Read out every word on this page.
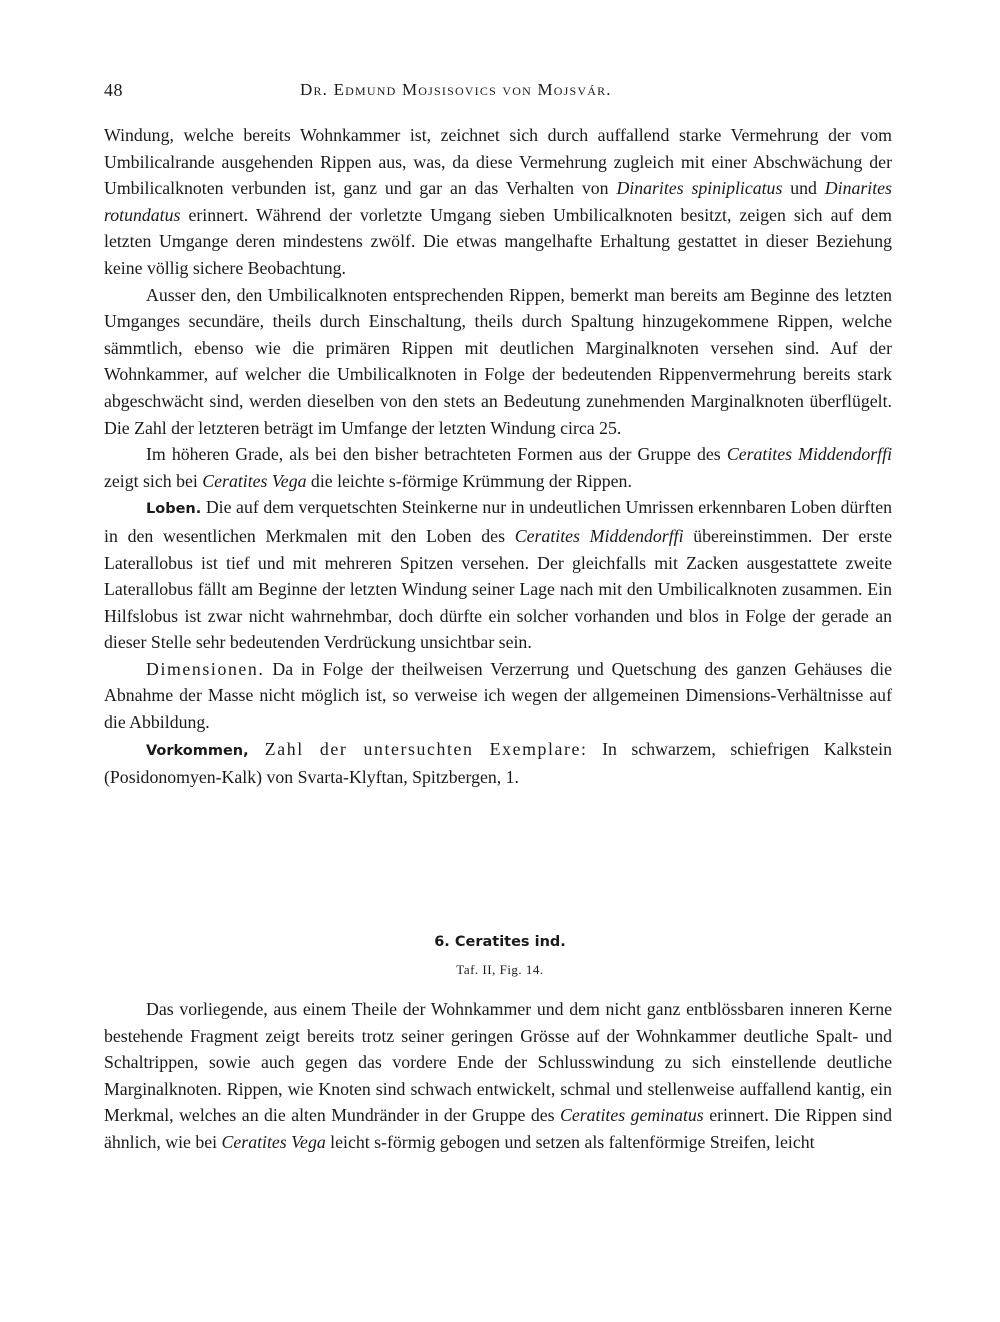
48	Dr. Edmund Mojsisovics von Mojsvár.

Windung, welche bereits Wohnkammer ist, zeichnet sich durch auffallend starke Vermehrung der vom Umbilicalrande ausgehenden Rippen aus, was, da diese Vermehrung zugleich mit einer Abschwächung der Umbilicalknoten verbunden ist, ganz und gar an das Verhalten von Dinarites spiniplicatus und Dinarites rotundatus erinnert. Während der vorletzte Umgang sieben Umbilicalknoten besitzt, zeigen sich auf dem letzten Umgange deren mindestens zwölf. Die etwas mangelhafte Erhaltung gestattet in dieser Beziehung keine völlig sichere Beobachtung.

Ausser den, den Umbilicalknoten entsprechenden Rippen, bemerkt man bereits am Beginne des letzten Umganges secundäre, theils durch Einschaltung, theils durch Spaltung hinzugekommene Rippen, welche sämmtlich, ebenso wie die primären Rippen mit deutlichen Marginalknoten versehen sind. Auf der Wohnkammer, auf welcher die Umbilicalknoten in Folge der bedeutenden Rippenvermehrung bereits stark abgeschwächt sind, werden dieselben von den stets an Bedeutung zunehmenden Marginalknoten überflügelt. Die Zahl der letzteren beträgt im Umfange der letzten Windung circa 25.

Im höheren Grade, als bei den bisher betrachteten Formen aus der Gruppe des Ceratites Middendorffi zeigt sich bei Ceratites Vega die leichte s-förmige Krümmung der Rippen.

Loben. Die auf dem verquetschten Steinkerne nur in undeutlichen Umrissen erkennbaren Loben dürften in den wesentlichen Merkmalen mit den Loben des Ceratites Middendorffi übereinstimmen. Der erste Laterallobus ist tief und mit mehreren Spitzen versehen. Der gleichfalls mit Zacken ausgestattete zweite Laterallobus fällt am Beginne der letzten Windung seiner Lage nach mit den Umbilicalknoten zusammen. Ein Hilfslobus ist zwar nicht wahrnehmbar, doch dürfte ein solcher vorhanden und blos in Folge der gerade an dieser Stelle sehr bedeutenden Verdrückung unsichtbar sein.

Dimensionen. Da in Folge der theilweisen Verzerrung und Quetschung des ganzen Gehäuses die Abnahme der Masse nicht möglich ist, so verweise ich wegen der allgemeinen Dimensions-Verhältnisse auf die Abbildung.

Vorkommen, Zahl der untersuchten Exemplare: In schwarzem, schiefrigen Kalkstein (Posidonomyen-Kalk) von Svarta-Klyftan, Spitzbergen, 1.

6. Ceratites ind.
Taf. II, Fig. 14.

Das vorliegende, aus einem Theile der Wohnkammer und dem nicht ganz entblössbaren inneren Kerne bestehende Fragment zeigt bereits trotz seiner geringen Grösse auf der Wohnkammer deutliche Spalt- und Schaltrippen, sowie auch gegen das vordere Ende der Schlusswindung zu sich einstellende deutliche Marginalknoten. Rippen, wie Knoten sind schwach entwickelt, schmal und stellenweise auffallend kantig, ein Merkmal, welches an die alten Mundränder in der Gruppe des Ceratites geminatus erinnert. Die Rippen sind ähnlich, wie bei Ceratites Vega leicht s-förmig gebogen und setzen als faltenförmige Streifen, leicht
